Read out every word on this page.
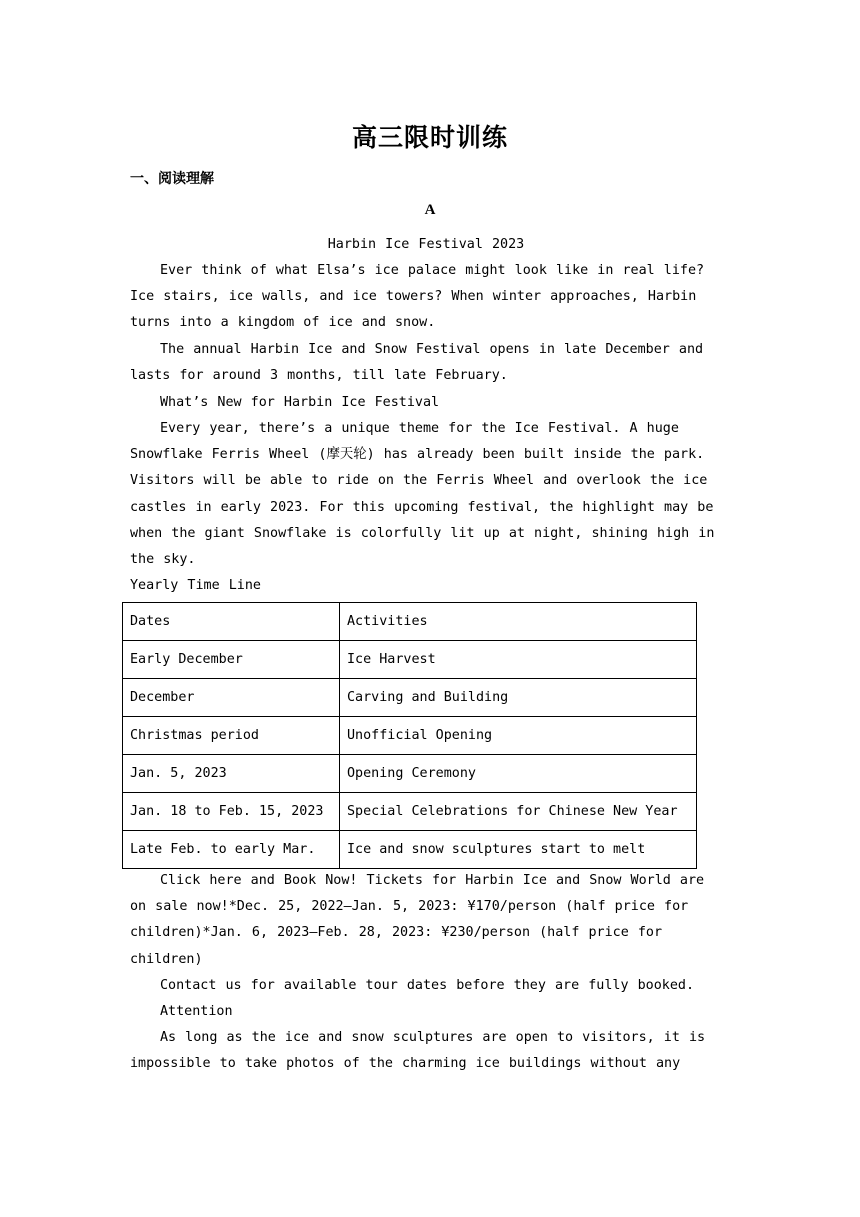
高三限时训练
一、阅读理解
A
Harbin Ice Festival 2023
Ever think of what Elsa’s ice palace might look like in real life? Ice stairs, ice walls, and ice towers? When winter approaches, Harbin turns into a kingdom of ice and snow.
The annual Harbin Ice and Snow Festival opens in late December and lasts for around 3 months, till late February.
What’s New for Harbin Ice Festival
Every year, there’s a unique theme for the Ice Festival. A huge Snowflake Ferris Wheel (摩天轮) has already been built inside the park. Visitors will be able to ride on the Ferris Wheel and overlook the ice castles in early 2023. For this upcoming festival, the highlight may be when the giant Snowflake is colorfully lit up at night, shining high in the sky.
Yearly Time Line
Dates	Activities
Early December	Ice Harvest
December	Carving and Building
Christmas period	Unofficial Opening
Jan. 5, 2023	Opening Ceremony
Jan. 18 to Feb. 15, 2023	Special Celebrations for Chinese New Year
Late Feb. to early Mar.	Ice and snow sculptures start to melt
Click here and Book Now! Tickets for Harbin Ice and Snow World are on sale now!*Dec. 25, 2022—Jan. 5, 2023: ¥170/person (half price for children)*Jan. 6, 2023—Feb. 28, 2023: ¥230/person (half price for children)
Contact us for available tour dates before they are fully booked.
Attention
As long as the ice and snow sculptures are open to visitors, it is impossible to take photos of the charming ice buildings without any
